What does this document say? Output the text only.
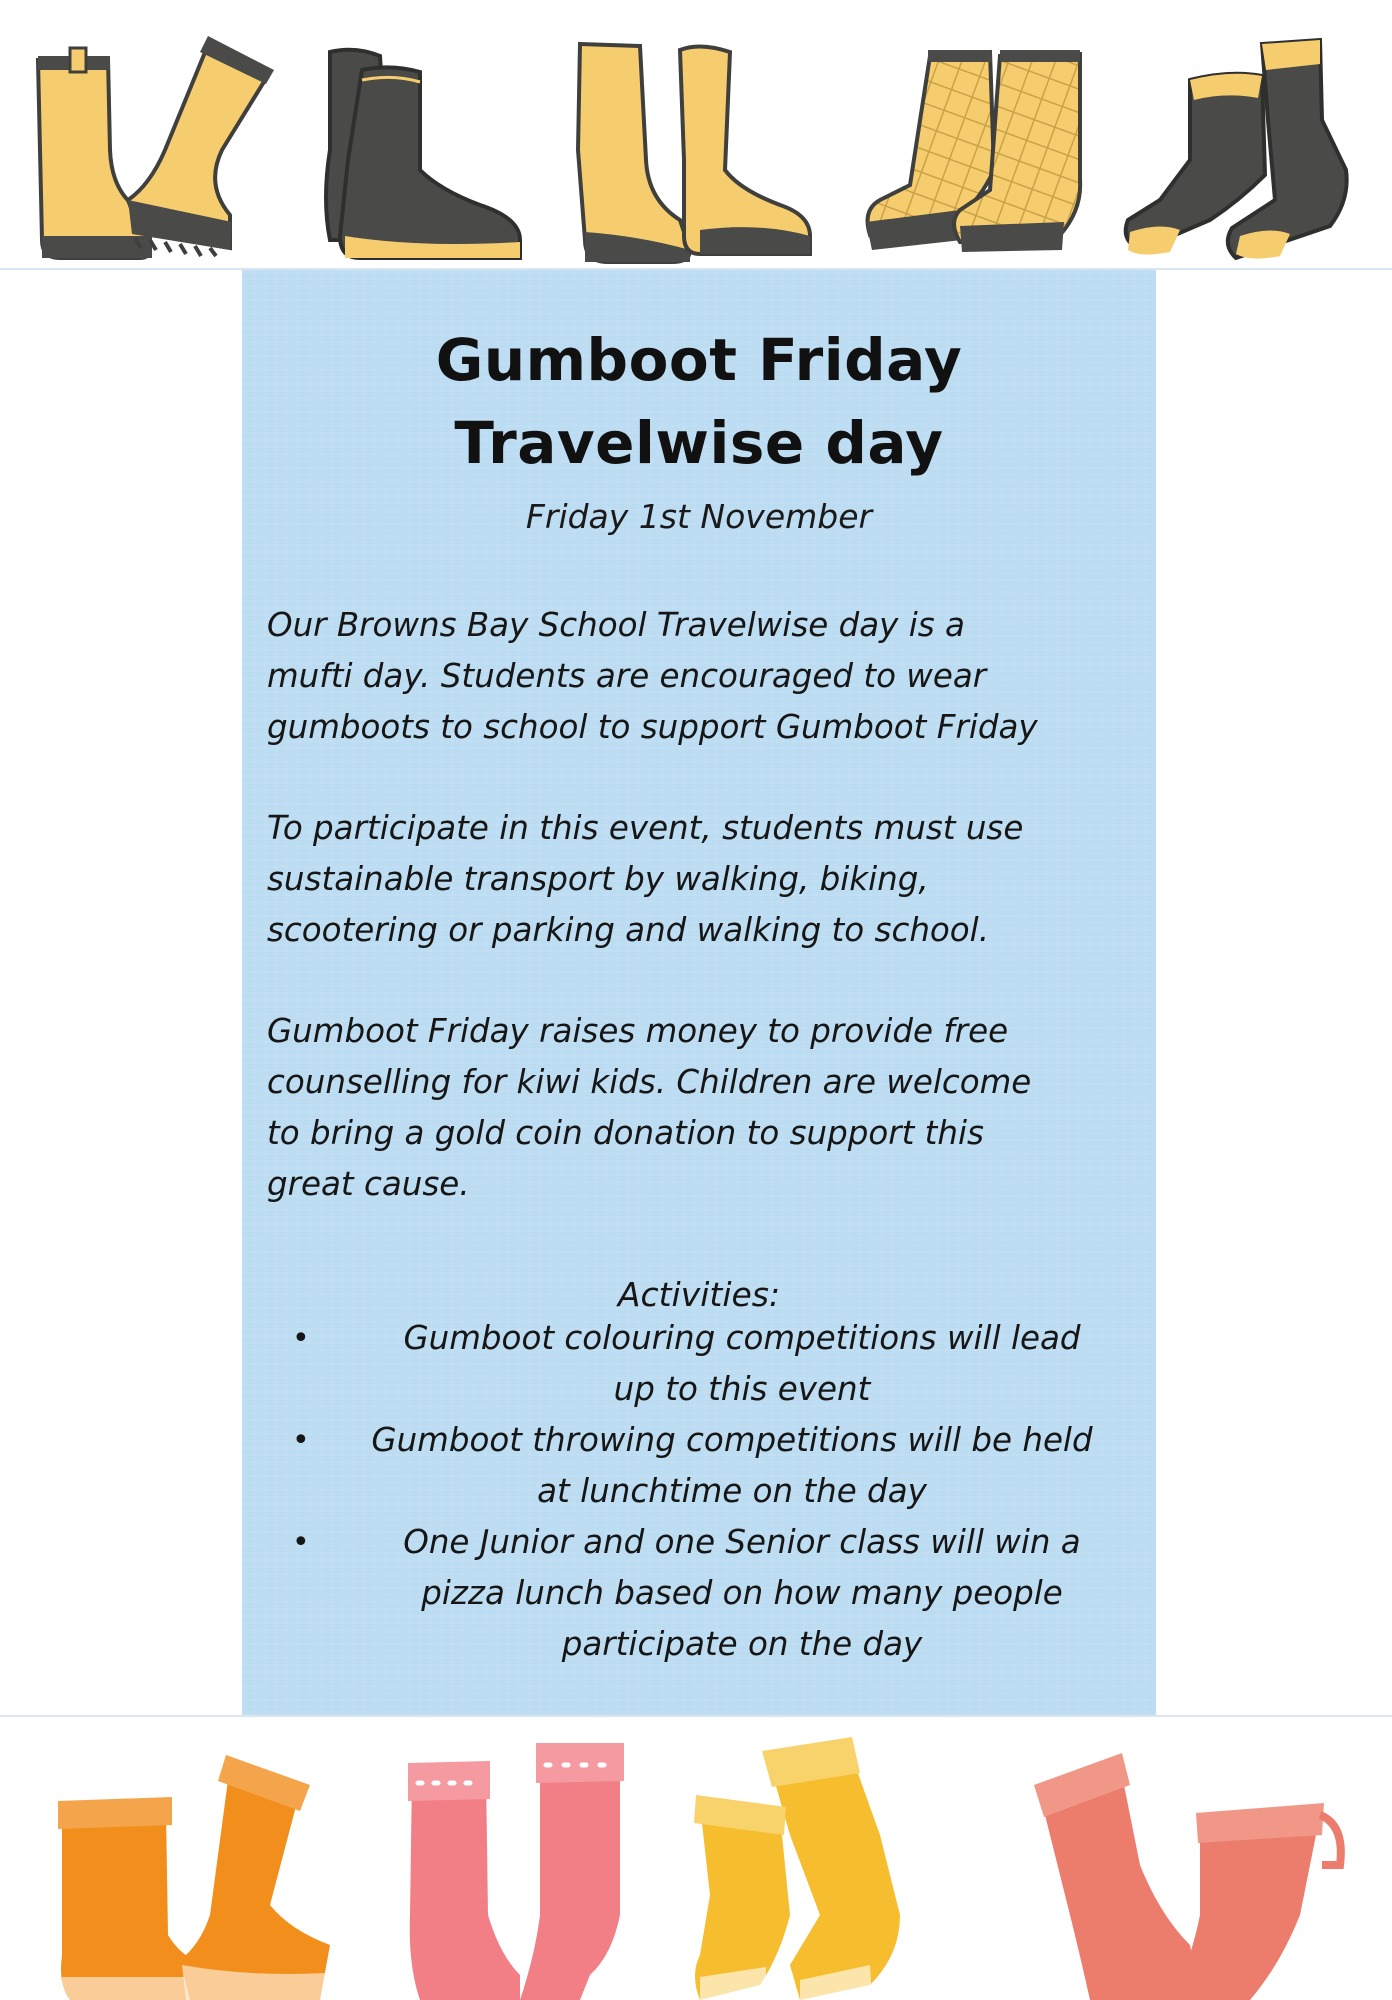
Gumboot Friday
Travelwise day
Friday 1st November
Our Browns Bay School Travelwise day is a
mufti day. Students are encouraged to wear
gumboots to school to support Gumboot Friday
To participate in this event, students must use
sustainable transport by walking, biking,
scootering or parking and walking to school.
Gumboot Friday raises money to provide free
counselling for kiwi kids. Children are welcome
to bring a gold coin donation to support this
great cause.
Activities:
•	Gumboot colouring competitions will lead
up to this event
•	Gumboot throwing competitions will be held
at lunchtime on the day
•	One Junior and one Senior class will win a
pizza lunch based on how many people
participate on the day
